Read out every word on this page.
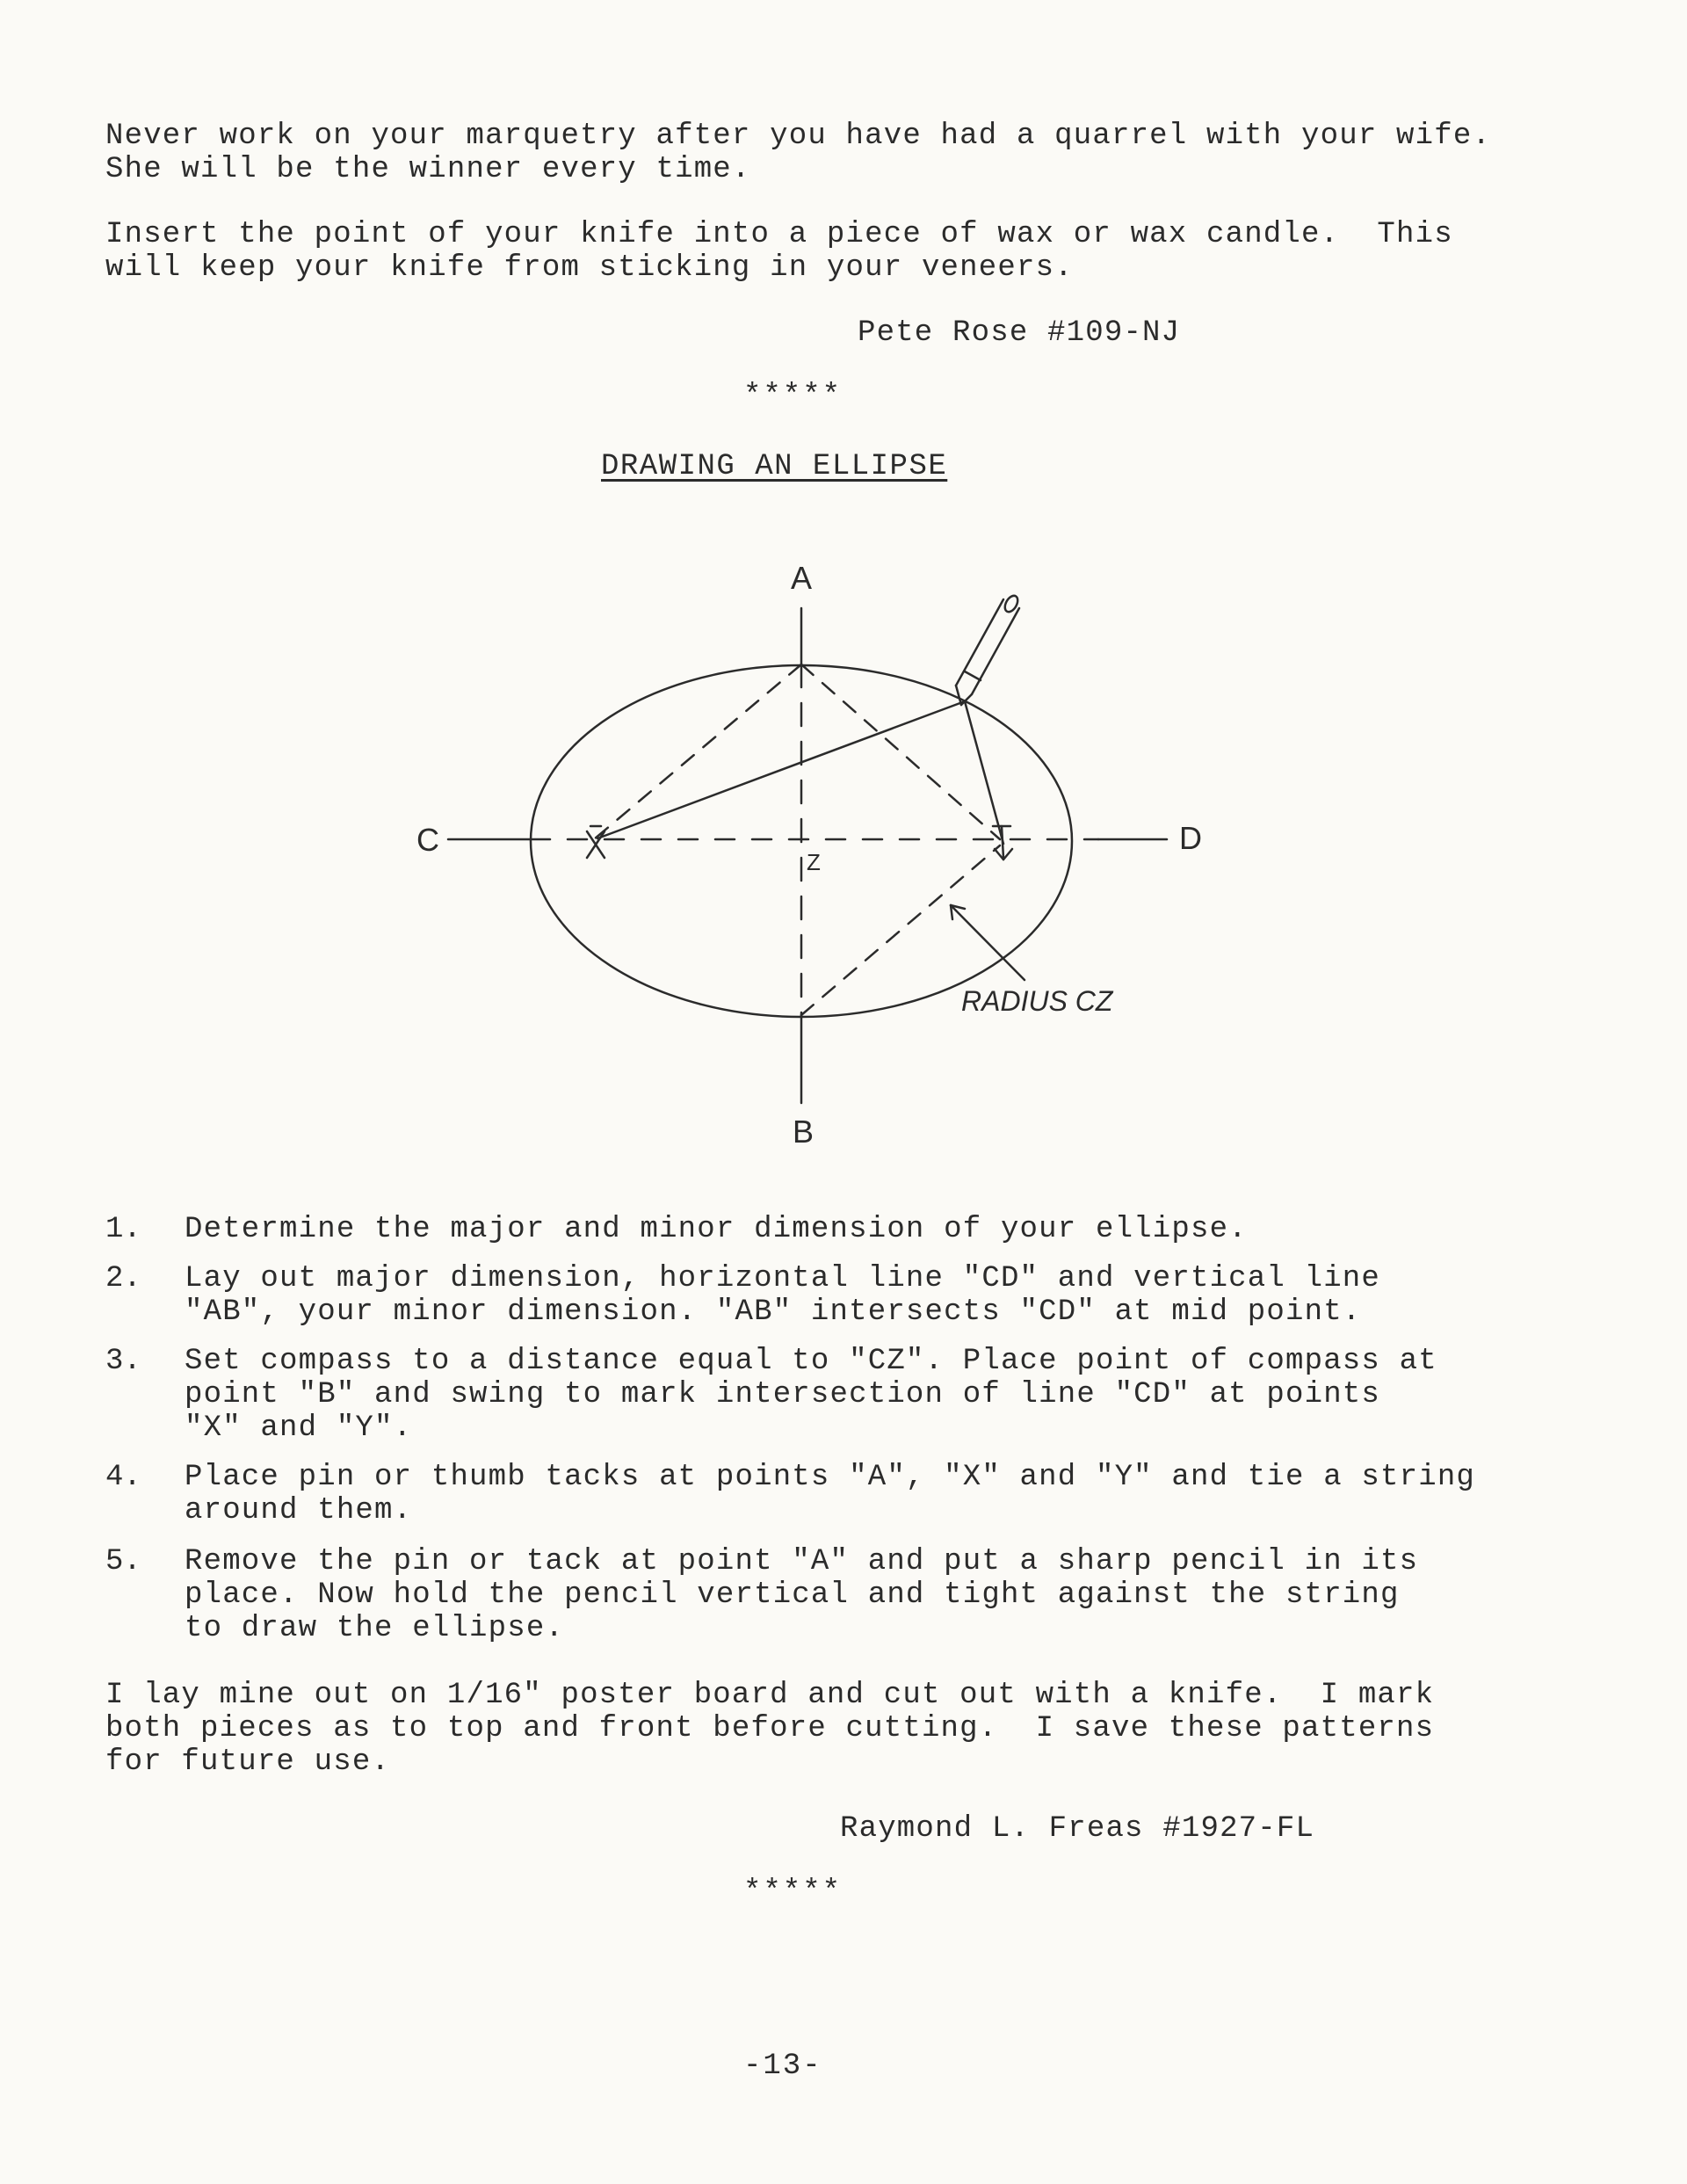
Never work on your marquetry after you have had a quarrel with your wife.
She will be the winner every time.
Insert the point of your knife into a piece of wax or wax candle.  This
will keep your knife from sticking in your veneers.
Pete Rose #109-NJ
*****
DRAWING AN ELLIPSE
A
B
C	D
Z
RADIUS CZ
1. Determine the major and minor dimension of your ellipse.
2. Lay out major dimension, horizontal line "CD" and vertical line
"AB", your minor dimension. "AB" intersects "CD" at mid point.
3. Set compass to a distance equal to "CZ". Place point of compass at
point "B" and swing to mark intersection of line "CD" at points
"X" and "Y".
4. Place pin or thumb tacks at points "A", "X" and "Y" and tie a string
around them.
5. Remove the pin or tack at point "A" and put a sharp pencil in its
place. Now hold the pencil vertical and tight against the string
to draw the ellipse.
I lay mine out on 1/16" poster board and cut out with a knife.  I mark
both pieces as to top and front before cutting.  I save these patterns
for future use.
Raymond L. Freas #1927-FL
*****
-13-
